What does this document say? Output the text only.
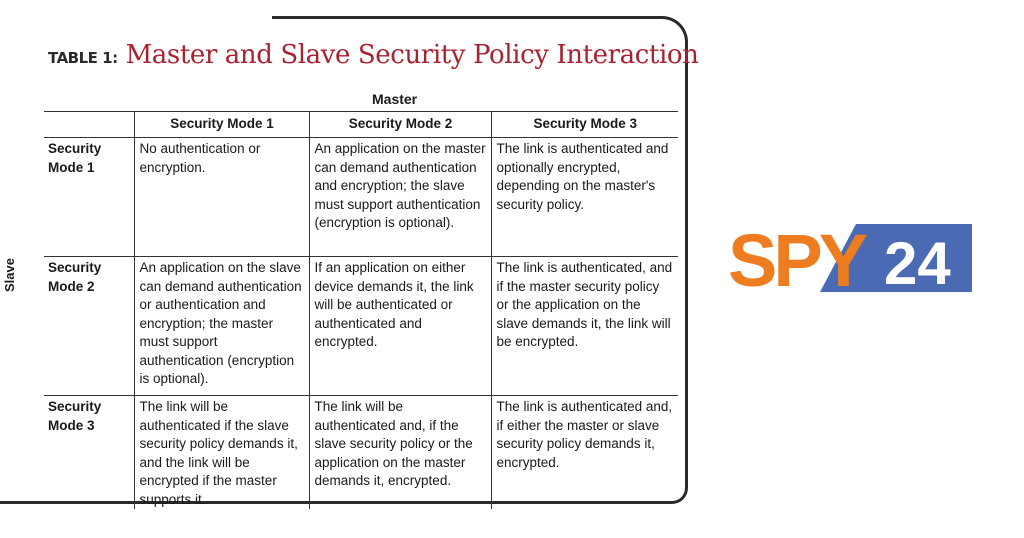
TABLE 1: Master and Slave Security Policy Interaction
Master
Slave
	Security Mode 1	Security Mode 2	Security Mode 3
Security
Mode 1	No authentication or encryption.	An application on the master can demand authentication and encryption; the slave must support authentication (encryption is optional).	The link is authenticated and optionally encrypted, depending on the master's security policy.
Security
Mode 2	An application on the slave can demand authentication or authentication and encryption; the master must support authentication (encryption is optional).	If an application on either device demands it, the link will be authenticated or authenticated and encrypted.	The link is authenticated, and if the master security policy or the application on the slave demands it, the link will be encrypted.
Security
Mode 3	The link will be authenticated if the slave security policy demands it, and the link will be encrypted if the master supports it.	The link will be authenticated and, if the slave security policy or the application on the master demands it, encrypted.	The link is authenticated and, if either the master or slave security policy demands it, encrypted.
SPY 24
